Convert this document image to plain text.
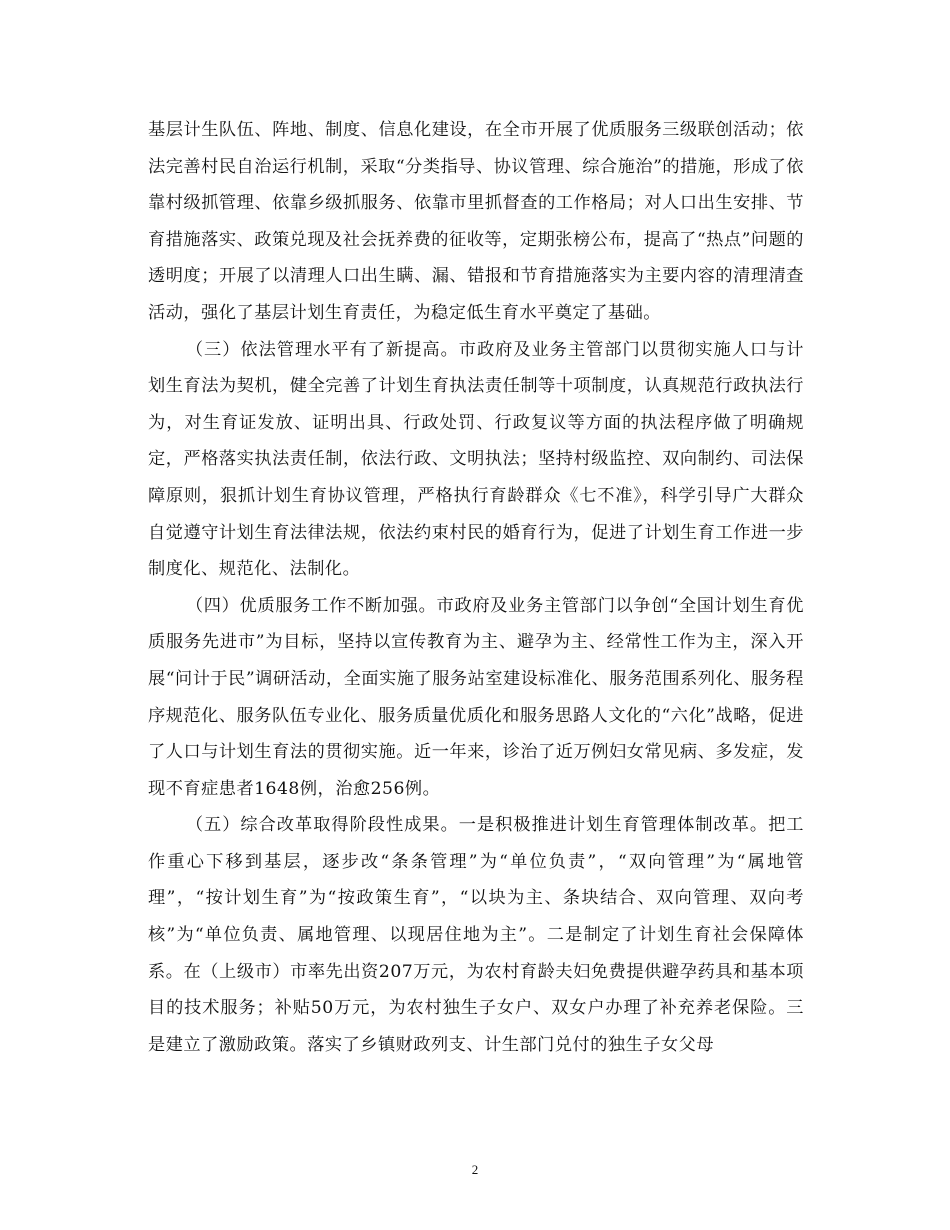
基层计生队伍、阵地、制度、信息化建设，在全市开展了优质服务三级联创活动；依法完善村民自治运行机制，采取“分类指导、协议管理、综合施治”的措施，形成了依靠村级抓管理、依靠乡级抓服务、依靠市里抓督查的工作格局；对人口出生安排、节育措施落实、政策兑现及社会抚养费的征收等，定期张榜公布，提高了“热点”问题的透明度；开展了以清理人口出生瞒、漏、错报和节育措施落实为主要内容的清理清查活动，强化了基层计划生育责任，为稳定低生育水平奠定了基础。

（三）依法管理水平有了新提高。市政府及业务主管部门以贯彻实施人口与计划生育法为契机，健全完善了计划生育执法责任制等十项制度，认真规范行政执法行为，对生育证发放、证明出具、行政处罚、行政复议等方面的执法程序做了明确规定，严格落实执法责任制，依法行政、文明执法；坚持村级监控、双向制约、司法保障原则，狠抓计划生育协议管理，严格执行育龄群众《七不准》，科学引导广大群众自觉遵守计划生育法律法规，依法约束村民的婚育行为，促进了计划生育工作进一步制度化、规范化、法制化。

（四）优质服务工作不断加强。市政府及业务主管部门以争创“全国计划生育优质服务先进市”为目标，坚持以宣传教育为主、避孕为主、经常性工作为主，深入开展“问计于民”调研活动，全面实施了服务站室建设标准化、服务范围系列化、服务程序规范化、服务队伍专业化、服务质量优质化和服务思路人文化的“六化”战略，促进了人口与计划生育法的贯彻实施。近一年来，诊治了近万例妇女常见病、多发症，发现不育症患者1648例，治愈256例。

（五）综合改革取得阶段性成果。一是积极推进计划生育管理体制改革。把工作重心下移到基层，逐步改“条条管理”为“单位负责”，“双向管理”为“属地管理”，“按计划生育”为“按政策生育”，“以块为主、条块结合、双向管理、双向考核”为“单位负责、属地管理、以现居住地为主”。二是制定了计划生育社会保障体系。在（上级市）市率先出资207万元，为农村育龄夫妇免费提供避孕药具和基本项目的技术服务；补贴50万元，为农村独生子女户、双女户办理了补充养老保险。三是建立了激励政策。落实了乡镇财政列支、计生部门兑付的独生子女父母

2
